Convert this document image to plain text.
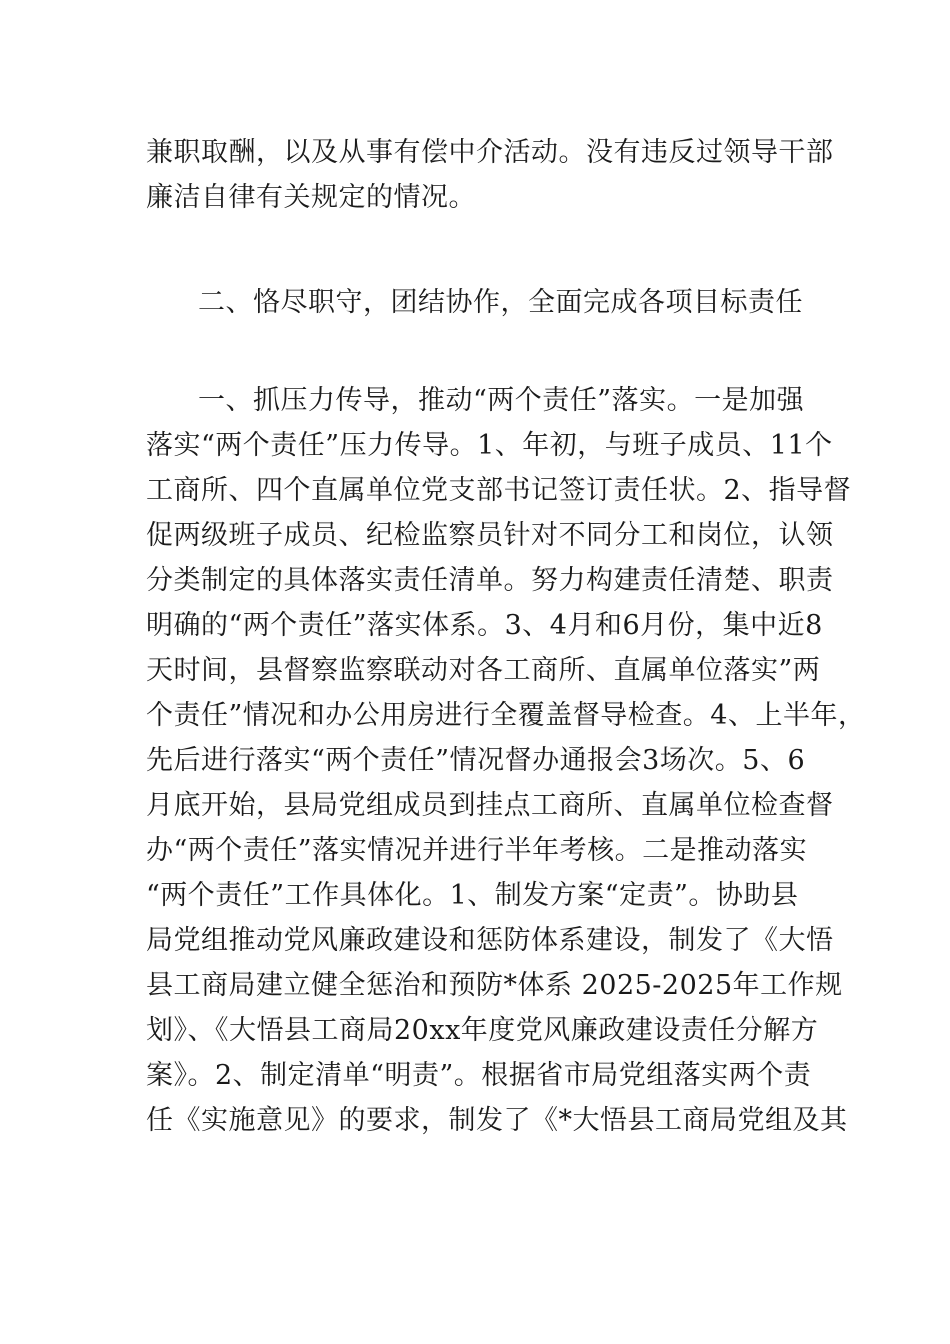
兼职取酬，以及从事有偿中介活动。没有违反过领导干部
廉洁自律有关规定的情况。
二、恪尽职守，团结协作，全面完成各项目标责任
一、抓压力传导，推动“两个责任”落实。一是加强
落实“两个责任”压力传导。1、年初，与班子成员、11个
工商所、四个直属单位党支部书记签订责任状。2、指导督
促两级班子成员、纪检监察员针对不同分工和岗位，认领
分类制定的具体落实责任清单。努力构建责任清楚、职责
明确的“两个责任”落实体系。3、4月和6月份，集中近8
天时间，县督察监察联动对各工商所、直属单位落实”两
个责任”情况和办公用房进行全覆盖督导检查。4、上半年，
先后进行落实“两个责任”情况督办通报会3场次。5、6
月底开始，县局党组成员到挂点工商所、直属单位检查督
办“两个责任”落实情况并进行半年考核。二是推动落实
“两个责任”工作具体化。1、制发方案“定责”。协助县
局党组推动党风廉政建设和惩防体系建设，制发了《大悟
县工商局建立健全惩治和预防*体系 2025-2025年工作规
划》、《大悟县工商局20xx年度党风廉政建设责任分解方
案》。2、制定清单“明责”。根据省市局党组落实两个责
任《实施意见》的要求，制发了《*大悟县工商局党组及其
